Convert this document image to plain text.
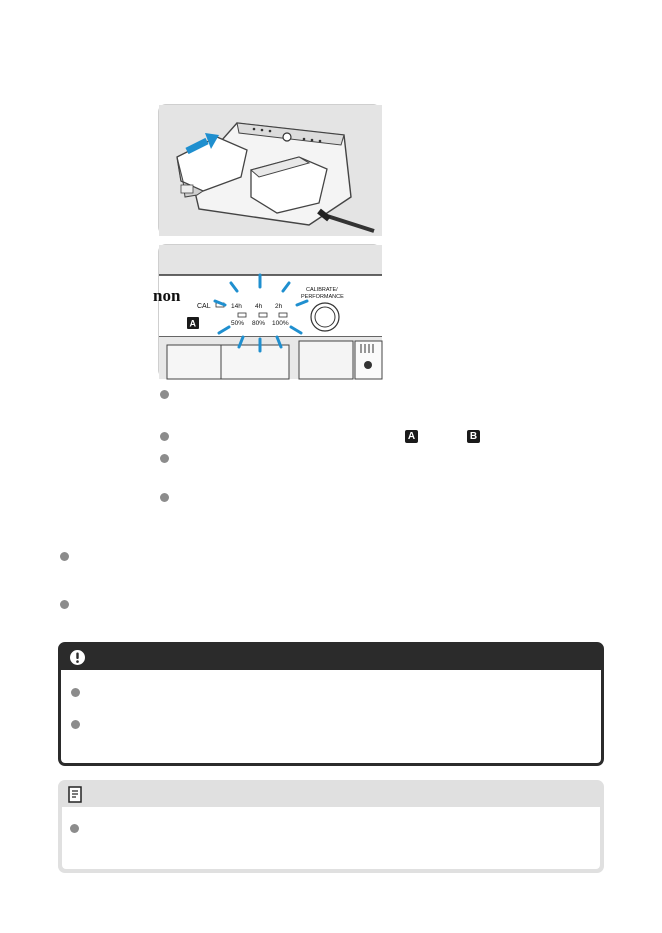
non
CAL	14h 4h 2h
50% 80% 100%
CALIBRATE/
PERFORMANCE
A
A	B
